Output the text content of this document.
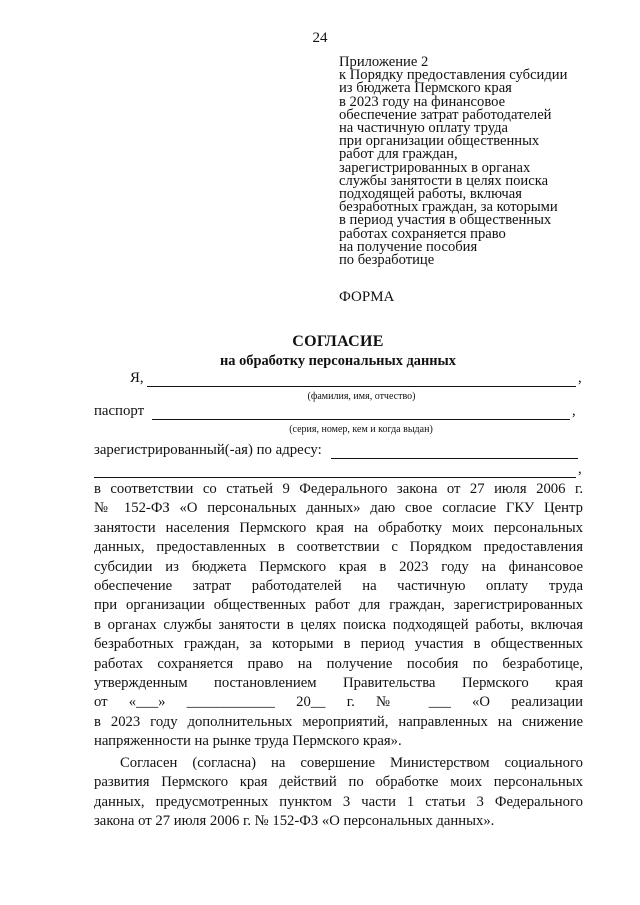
24
Приложение 2
к Порядку предоставления субсидии
из бюджета Пермского края
в 2023 году на финансовое
обеспечение затрат работодателей
на частичную оплату труда
при организации общественных
работ для граждан,
зарегистрированных в органах
службы занятости в целях поиска
подходящей работы, включая
безработных граждан, за которыми
в период участия в общественных
работах сохраняется право
на получение пособия
по безработице
ФОРМА
СОГЛАСИЕ
на обработку персональных данных
Я,	,
(фамилия, имя, отчество)
паспорт	,
(серия, номер, кем и когда выдан)
зарегистрированный(-ая) по адресу:
,
в соответствии со статьей 9 Федерального закона от 27 июля 2006 г.
№ 152-ФЗ «О персональных данных» даю свое согласие ГКУ Центр
занятости населения Пермского края на обработку моих персональных
данных, предоставленных в соответствии с Порядком предоставления
субсидии из бюджета Пермского края в 2023 году на финансовое
обеспечение затрат работодателей на частичную оплату труда
при организации общественных работ для граждан, зарегистрированных
в органах службы занятости в целях поиска подходящей работы, включая
безработных граждан, за которыми в период участия в общественных
работах сохраняется право на получение пособия по безработице,
утвержденным постановлением Правительства Пермского края
от «___» ____________ 20__ г. № ___ «О реализации
в 2023 году дополнительных мероприятий, направленных на снижение
напряженности на рынке труда Пермского края».
Согласен (согласна) на совершение Министерством социального
развития Пермского края действий по обработке моих персональных
данных, предусмотренных пунктом 3 части 1 статьи 3 Федерального
закона от 27 июля 2006 г. № 152-ФЗ «О персональных данных».
